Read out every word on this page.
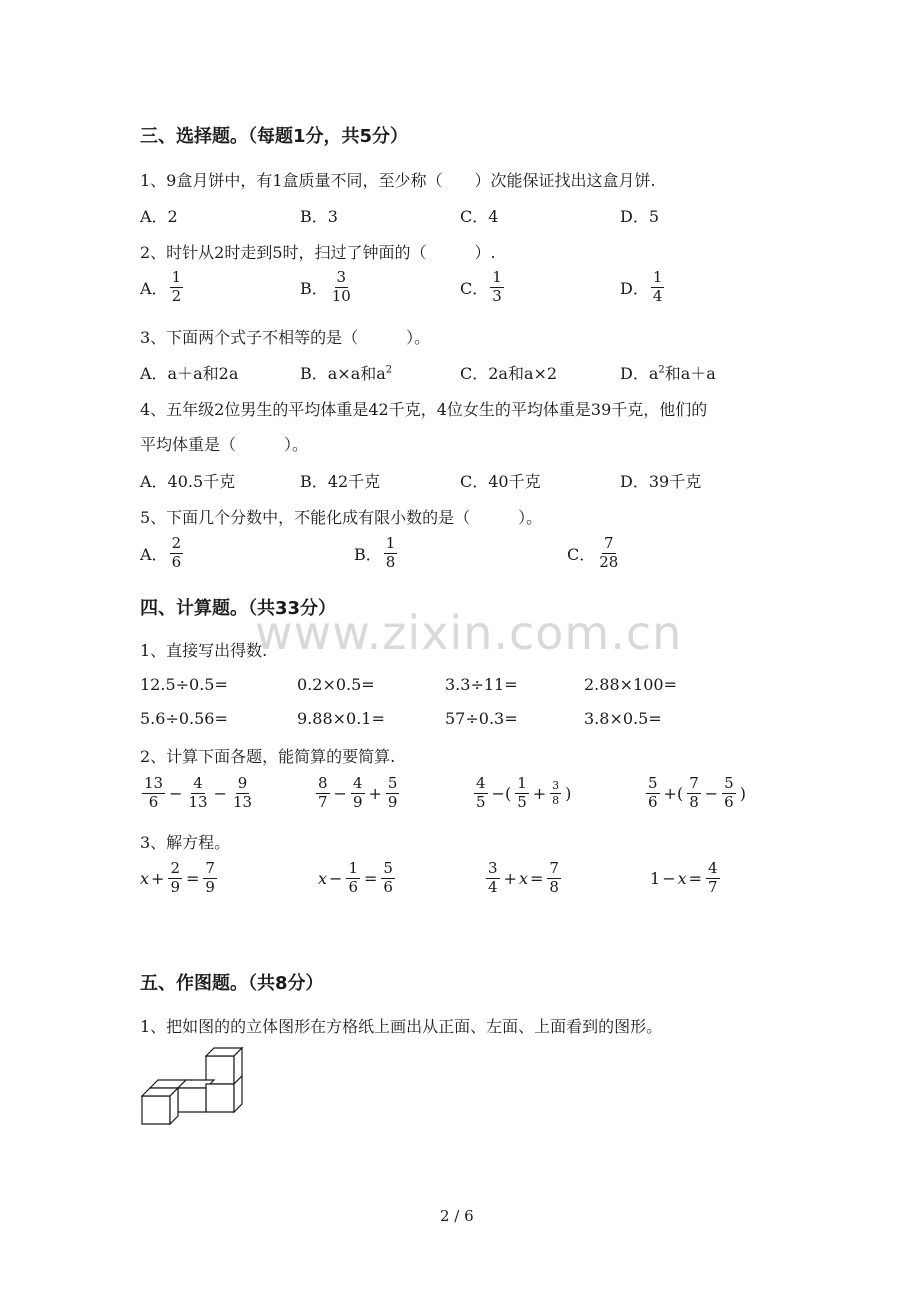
三、选择题。（每题1分，共5分）
1、9盒月饼中，有1盒质量不同，至少称（　　）次能保证找出这盒月饼.
A．2	B．3	C．4	D．5
2、时针从2时走到5时，扫过了钟面的（　　　）.
A． $\frac{1}{2}$	B． $\frac{3}{10}$	C． $\frac{1}{3}$	D． $\frac{1}{4}$
3、下面两个式子不相等的是（　　　）。
A．a＋a和2a	B．a×a和$a^2$	C．2a和a×2	D．$a^2$和a＋a
4、五年级2位男生的平均体重是42千克，4位女生的平均体重是39千克，他们的
平均体重是（　　　）。
A．40.5千克	B．42千克	C．40千克	D．39千克
5、下面几个分数中，不能化成有限小数的是（　　　）。
A． $\frac{2}{6}$	B． $\frac{1}{8}$	C． $\frac{7}{28}$
四、计算题。（共33分）
www.zixin.com.cn
1、直接写出得数.
12.5÷0.5=	0.2×0.5=	3.3÷11=	2.88×100=
5.6÷0.56=	9.88×0.1=	57÷0.3=	3.8×0.5=
2、计算下面各题，能简算的要简算.
$\frac{13}{6} - \frac{4}{13} - \frac{9}{13}$	$\frac{8}{7} - \frac{4}{9} + \frac{5}{9}$	$\frac{4}{5}$ −( $\frac{1}{5} + \frac{3}{8}$ )	$\frac{5}{6}$ +( $\frac{7}{8} - \frac{5}{6}$ )
3、解方程。
$x + \frac{2}{9} = \frac{7}{9}$	$x - \frac{1}{6} = \frac{5}{6}$	$\frac{3}{4} + x = \frac{7}{8}$	$1 - x = \frac{4}{7}$
五、作图题。（共8分）
1、把如图的的立体图形在方格纸上画出从正面、左面、上面看到的图形。
2 / 6
